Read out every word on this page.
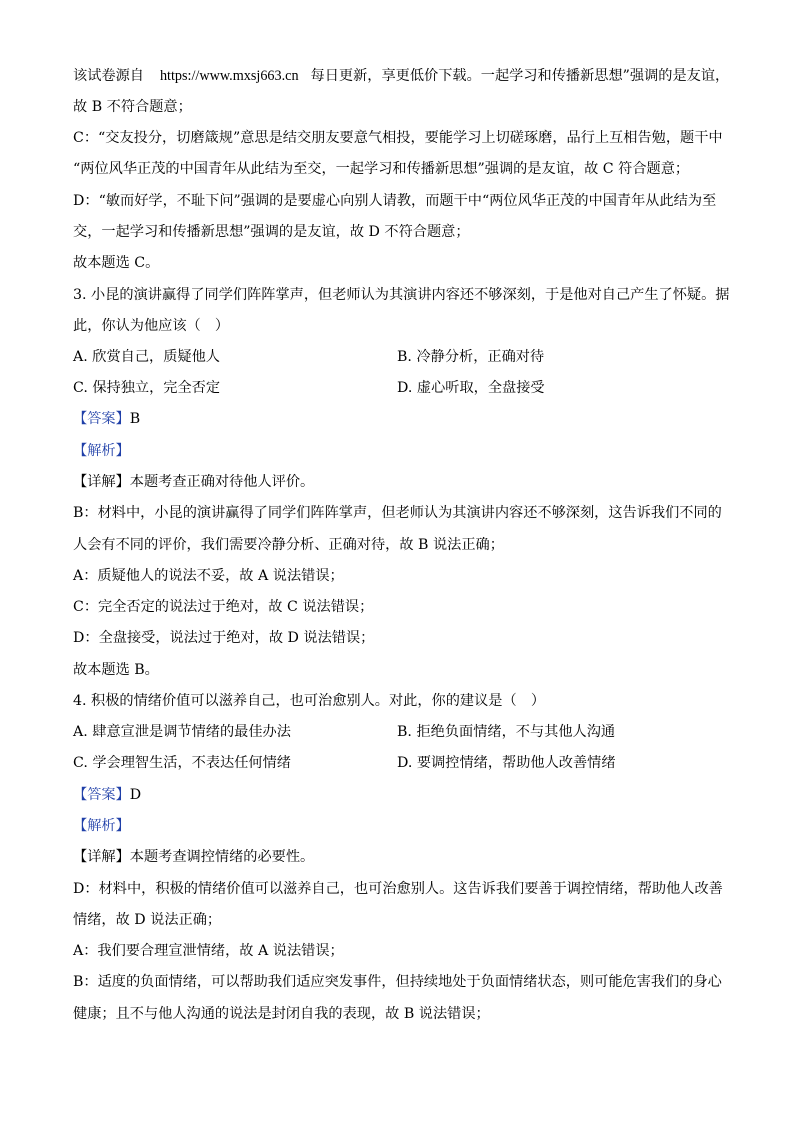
该试卷源自 https://www.mxsj663.cn 每日更新，享更低价下载。一起学习和传播新思想”强调的是友谊，
故 B 不符合题意；
C：“交友投分，切磨箴规”意思是结交朋友要意气相投，要能学习上切磋琢磨，品行上互相告勉，题干中
“两位风华正茂的中国青年从此结为至交，一起学习和传播新思想”强调的是友谊，故 C 符合题意；
D：“敏而好学，不耻下问”强调的是要虚心向别人请教，而题干中“两位风华正茂的中国青年从此结为至
交，一起学习和传播新思想”强调的是友谊，故 D 不符合题意；
故本题选 C。
3. 小昆的演讲赢得了同学们阵阵掌声，但老师认为其演讲内容还不够深刻，于是他对自己产生了怀疑。据
此，你认为他应该（　）
A. 欣赏自己，质疑他人	B. 冷静分析，正确对待
C. 保持独立，完全否定	D. 虚心听取，全盘接受
【答案】B
【解析】
【详解】本题考查正确对待他人评价。
B：材料中，小昆的演讲赢得了同学们阵阵掌声，但老师认为其演讲内容还不够深刻，这告诉我们不同的
人会有不同的评价，我们需要冷静分析、正确对待，故 B 说法正确；
A：质疑他人的说法不妥，故 A 说法错误；
C：完全否定的说法过于绝对，故 C 说法错误；
D：全盘接受，说法过于绝对，故 D 说法错误；
故本题选 B。
4. 积极的情绪价值可以滋养自己，也可治愈别人。对此，你的建议是（　）
A. 肆意宣泄是调节情绪的最佳办法	B. 拒绝负面情绪，不与其他人沟通
C. 学会理智生活，不表达任何情绪	D. 要调控情绪，帮助他人改善情绪
【答案】D
【解析】
【详解】本题考查调控情绪的必要性。
D：材料中，积极的情绪价值可以滋养自己，也可治愈别人。这告诉我们要善于调控情绪，帮助他人改善
情绪，故 D 说法正确；
A：我们要合理宣泄情绪，故 A 说法错误；
B：适度的负面情绪，可以帮助我们适应突发事件，但持续地处于负面情绪状态，则可能危害我们的身心
健康；且不与他人沟通的说法是封闭自我的表现，故 B 说法错误；
